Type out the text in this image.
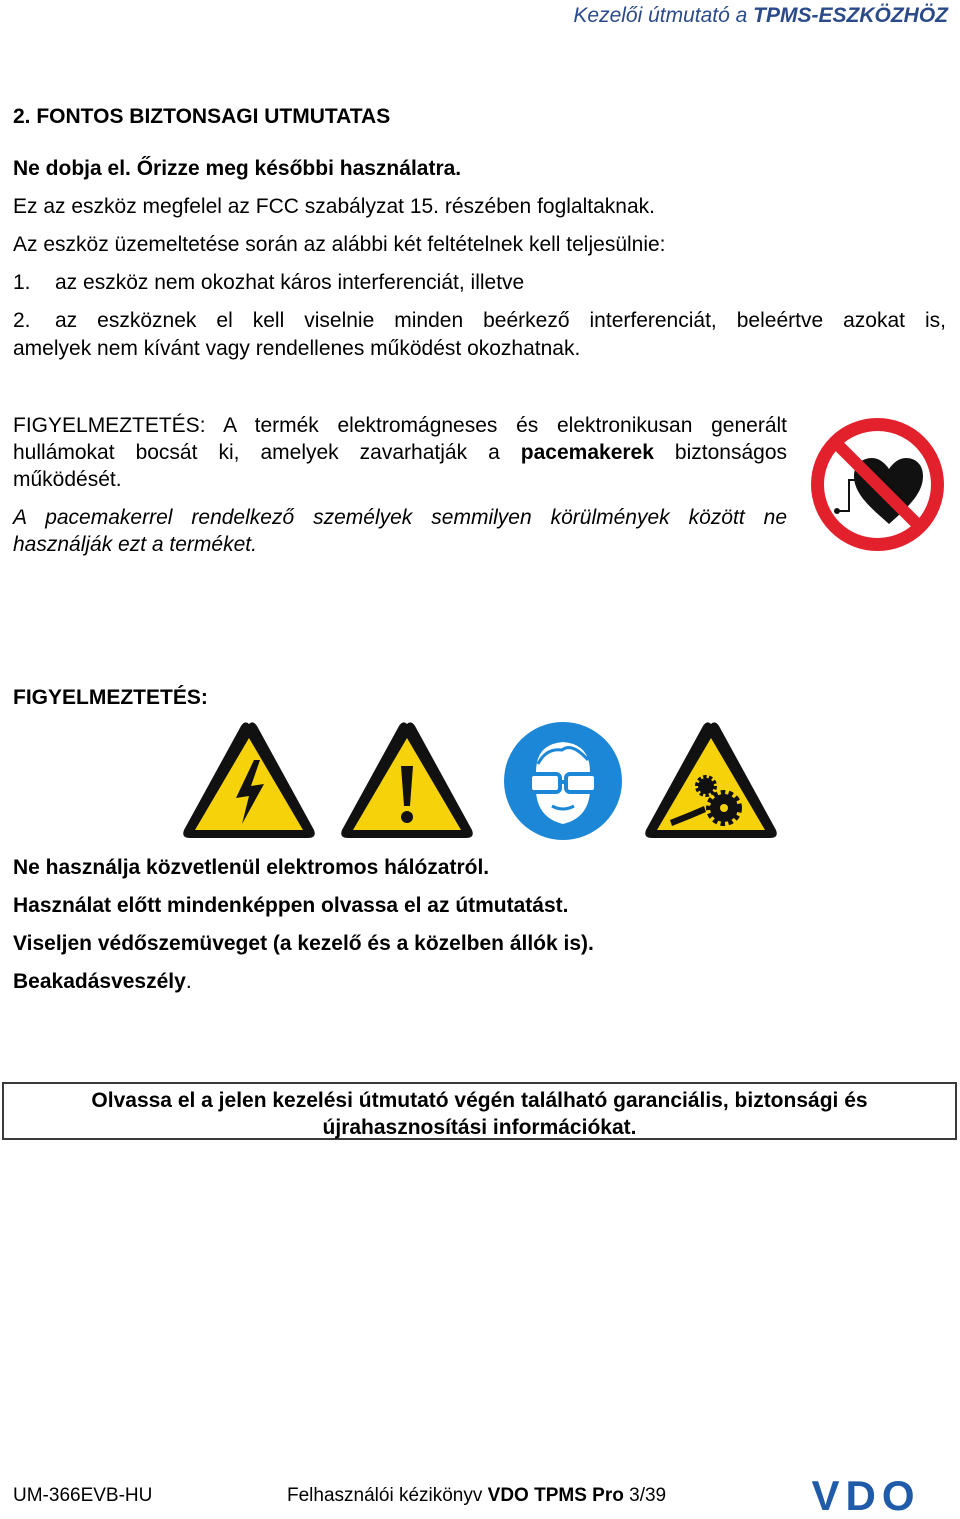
Kezelői útmutató a TPMS-ESZKÖZHÖZ
2. FONTOS BIZTONSAGI UTMUTATAS
Ne dobja el. Őrizze meg későbbi használatra.
Ez az eszköz megfelel az FCC szabályzat 15. részében foglaltaknak.
Az eszköz üzemeltetése során az alábbi két feltételnek kell teljesülnie:
1. az eszköz nem okozhat káros interferenciát, illetve
2. az eszköznek el kell viselnie minden beérkező interferenciát, beleértve azokat is,
amelyek nem kívánt vagy rendellenes működést okozhatnak.
FIGYELMEZTETÉS: A termék elektromágneses és elektronikusan generált hullámokat bocsát ki, amelyek zavarhatják a pacemakerek biztonságos működését.
A pacemakerrel rendelkező személyek semmilyen körülmények között ne használják ezt a terméket.
FIGYELMEZTETÉS:
Ne használja közvetlenül elektromos hálózatról.
Használat előtt mindenképpen olvassa el az útmutatást.
Viseljen védőszemüveget (a kezelő és a közelben állók is).
Beakadásveszély.
Olvassa el a jelen kezelési útmutató végén található garanciális, biztonsági és
újrahasznosítási információkat.
UM-366EVB-HU	Felhasználói kézikönyv VDO TPMS Pro 3/39	VDO
